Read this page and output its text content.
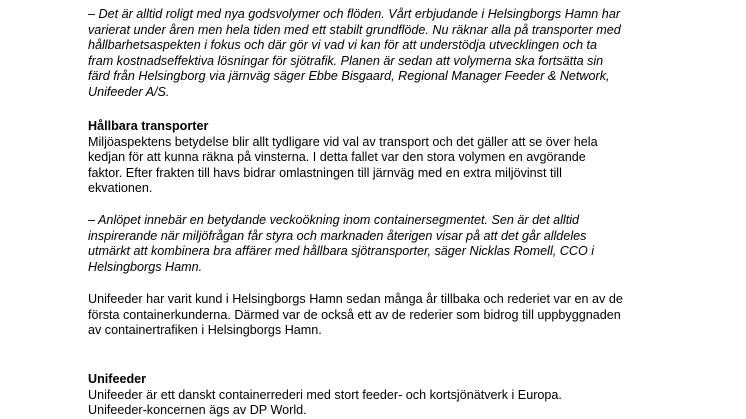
– Det är alltid roligt med nya godsvolymer och flöden. Vårt erbjudande i Helsingborgs Hamn har
varierat under åren men hela tiden med ett stabilt grundflöde. Nu räknar alla på transporter med
hållbarhetsaspekten i fokus och där gör vi vad vi kan för att understödja utvecklingen och ta
fram kostnadseffektiva lösningar för sjötrafik. Planen är sedan att volymerna ska fortsätta sin
färd från Helsingborg via järnväg säger Ebbe Bisgaard, Regional Manager Feeder & Network,
Unifeeder A/S.
Hållbara transporter
Miljöaspektens betydelse blir allt tydligare vid val av transport och det gäller att se över hela
kedjan för att kunna räkna på vinsterna. I detta fallet var den stora volymen en avgörande
faktor. Efter frakten till havs bidrar omlastningen till järnväg med en extra miljövinst till
ekvationen.
– Anlöpet innebär en betydande veckoökning inom containersegmentet. Sen är det alltid
inspirerande när miljöfrågan får styra och marknaden återigen visar på att det går alldeles
utmärkt att kombinera bra affärer med hållbara sjötransporter, säger Nicklas Romell, CCO i
Helsingborgs Hamn.
Unifeeder har varit kund i Helsingborgs Hamn sedan många år tillbaka och rederiet var en av de
första containerkunderna. Därmed var de också ett av de rederier som bidrog till uppbyggnaden
av containertrafiken i Helsingborgs Hamn.
Unifeeder
Unifeeder är ett danskt containerrederi med stort feeder- och kortsjönätverk i Europa.
Unifeeder-koncernen ägs av DP World.
